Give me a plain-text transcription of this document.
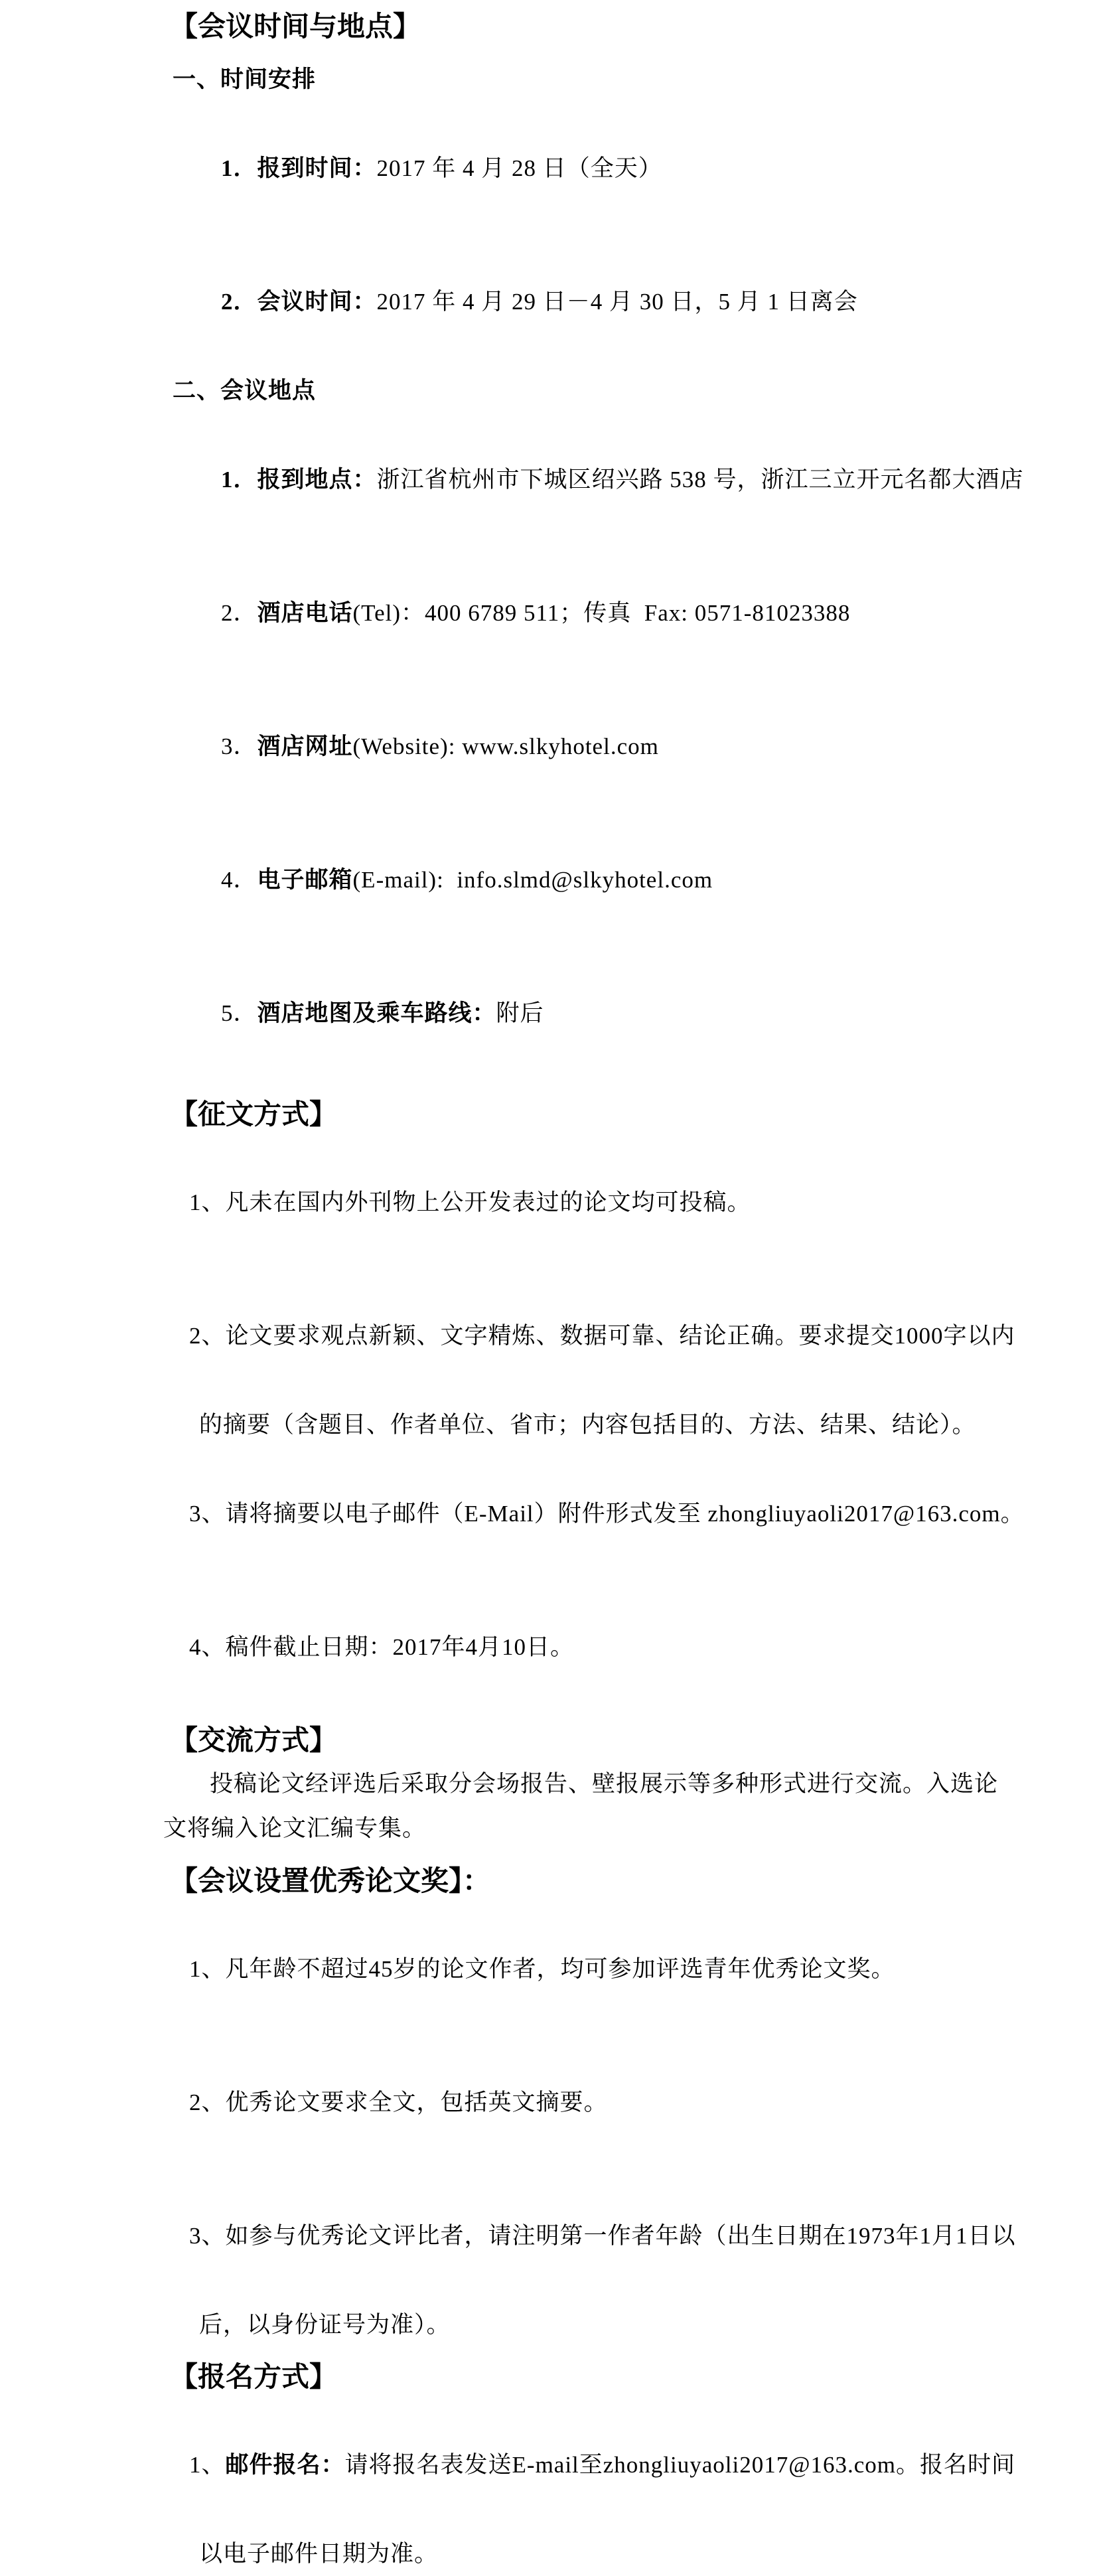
【会议时间与地点】
一、时间安排

1．报到时间：2017 年 4 月 28 日（全天）

2．会议时间：2017 年 4 月 29 日－4 月 30 日，5 月 1 日离会

二、会议地点

1．报到地点：浙江省杭州市下城区绍兴路 538 号，浙江三立开元名都大酒店

2．酒店电话(Tel)：400 6789 511；传真  Fax: 0571-81023388

3．酒店网址(Website): www.slkyhotel.com

4．电子邮箱(E-mail):  info.slmd@slkyhotel.com

5．酒店地图及乘车路线：附后

【征文方式】

1、凡未在国内外刊物上公开发表过的论文均可投稿。

2、论文要求观点新颖、文字精炼、数据可靠、结论正确。要求提交1000字以内

的摘要（含题目、作者单位、省市；内容包括目的、方法、结果、结论）。

3、请将摘要以电子邮件（E-Mail）附件形式发至 zhongliuyaoli2017@163.com。

4、稿件截止日期：2017年4月10日。

【交流方式】
投稿论文经评选后采取分会场报告、壁报展示等多种形式进行交流。入选论
文将编入论文汇编专集。
【会议设置优秀论文奖】：

1、凡年龄不超过45岁的论文作者，均可参加评选青年优秀论文奖。

2、优秀论文要求全文，包括英文摘要。

3、如参与优秀论文评比者，请注明第一作者年龄（出生日期在1973年1月1日以

后，以身份证号为准）。
【报名方式】

1、邮件报名：请将报名表发送E-mail至zhongliuyaoli2017@163.com。报名时间

以电子邮件日期为准。
